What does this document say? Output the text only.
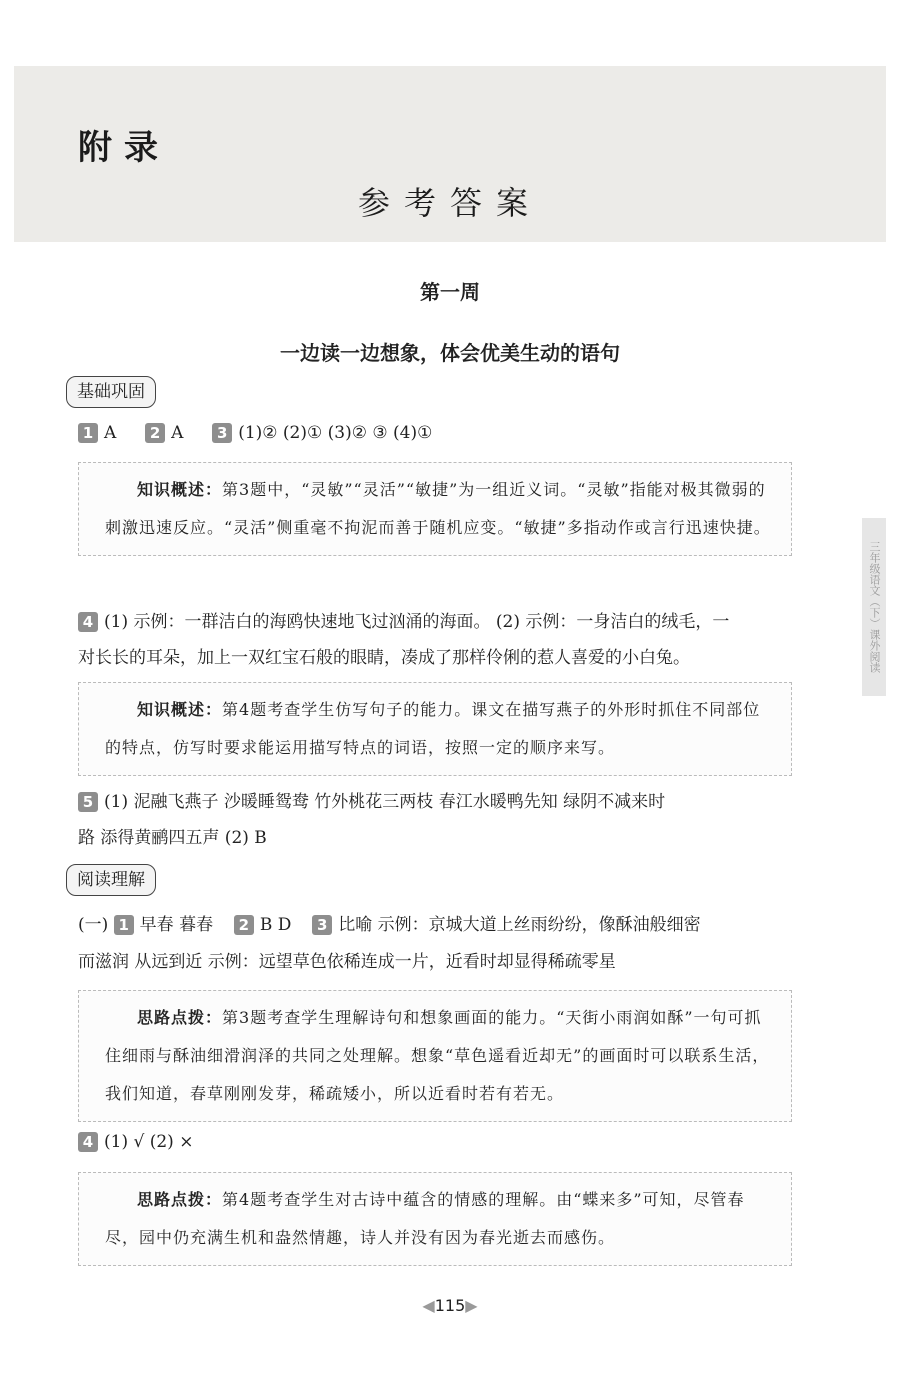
附录
参考答案
第一周
一边读一边想象，体会优美生动的语句
三年级语文（下）课外阅读
基础巩固
1 A 2 A 3 (1)② (2)① (3)② ③ (4)①

知识概述：第3题中，“灵敏”“灵活”“敏捷”为一组近义词。“灵敏”指能对极其微弱的刺激迅速反应。“灵活”侧重毫不拘泥而善于随机应变。“敏捷”多指动作或言行迅速快捷。

4 (1) 示例：一群洁白的海鸥快速地飞过汹涌的海面。 (2) 示例：一身洁白的绒毛，一
对长长的耳朵，加上一双红宝石般的眼睛，凑成了那样伶俐的惹人喜爱的小白兔。

知识概述：第4题考查学生仿写句子的能力。课文在描写燕子的外形时抓住不同部位的特点，仿写时要求能运用描写特点的词语，按照一定的顺序来写。

5 (1) 泥融飞燕子 沙暖睡鸳鸯 竹外桃花三两枝 春江水暖鸭先知 绿阴不减来时
路 添得黄鹂四五声 (2) B
阅读理解
(一) 1 早春 暮春 2 B D 3 比喻 示例：京城大道上丝雨纷纷，像酥油般细密
而滋润 从远到近 示例：远望草色依稀连成一片，近看时却显得稀疏零星

思路点拨：第3题考查学生理解诗句和想象画面的能力。“天街小雨润如酥”一句可抓住细雨与酥油细滑润泽的共同之处理解。想象“草色遥看近却无”的画面时可以联系生活，我们知道，春草刚刚发芽，稀疏矮小，所以近看时若有若无。

4 (1) √ (2) ×

思路点拨：第4题考查学生对古诗中蕴含的情感的理解。由“蝶来多”可知，尽管春尽，园中仍充满生机和盎然情趣，诗人并没有因为春光逝去而感伤。

◀115▶
